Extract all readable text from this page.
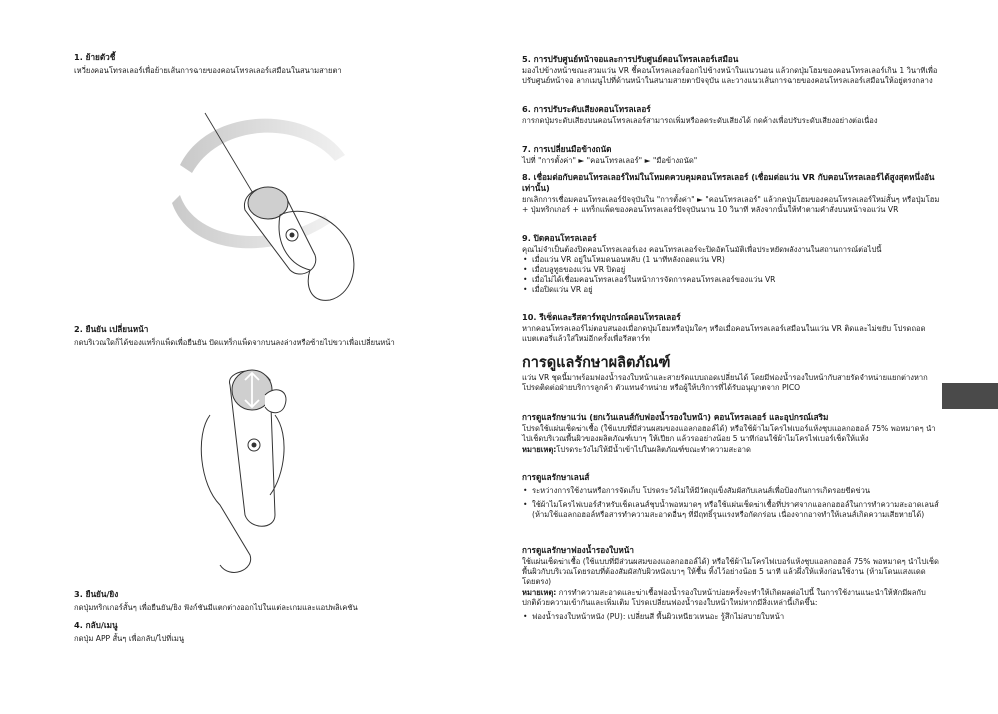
1. ย้ายตัวชี้

เหวี่ยงคอนโทรลเลอร์เพื่อย้ายเส้นการฉายของคอนโทรลเลอร์เสมือนในสนามสายตา

2. ยืนยัน เปลี่ยนหน้า

กดบริเวณใดก็ได้ของแทร็กแพ็ดเพื่อยืนยัน ปัดแทร็กแพ็ดจากบนลงล่างหรือซ้ายไปขวาเพื่อเปลี่ยนหน้า

3. ยืนยัน/ยิง

กดปุ่มทริกเกอร์สั้นๆ เพื่อยืนยัน/ยิง ฟังก์ชันมีแตกต่างออกไปในแต่ละเกมและแอปพลิเคชัน

4. กลับ/เมนู

กดปุ่ม APP สั้นๆ เพื่อกลับ/ไปที่เมนู

5. การปรับศูนย์หน้าจอและการปรับศูนย์คอนโทรลเลอร์เสมือน

มองไปข้างหน้าขณะสวมแว่น VR ชี้คอนโทรลเลอร์ออกไปข้างหน้าในแนวนอน แล้วกดปุ่มโฮมของคอนโทรลเลอร์เกิน 1 วินาทีเพื่อปรับศูนย์หน้าจอ ลากเมนูไปที่ด้านหน้าในสนามสายตาปัจจุบัน และวางแนวเส้นการฉายของคอนโทรลเลอร์เสมือนให้อยู่ตรงกลาง

6. การปรับระดับเสียงคอนโทรลเลอร์

การกดปุ่มระดับเสียงบนคอนโทรลเลอร์สามารถเพิ่มหรือลดระดับเสียงได้ กดค้างเพื่อปรับระดับเสียงอย่างต่อเนื่อง

7. การเปลี่ยนมือข้างถนัด

ไปที่ "การตั้งค่า" ► "คอนโทรลเลอร์" ► "มือข้างถนัด"

8. เชื่อมต่อกับคอนโทรลเลอร์ใหม่ในโหมดควบคุมคอนโทรลเลอร์ (เชื่อมต่อแว่น VR กับคอนโทรลเลอร์ได้สูงสุดหนึ่งอันเท่านั้น)

ยกเลิกการเชื่อมคอนโทรลเลอร์ปัจจุบันใน "การตั้งค่า" ► "คอนโทรลเลอร์" แล้วกดปุ่มโฮมของคอนโทรลเลอร์ใหม่สั้นๆ หรือปุ่มโฮม + ปุ่มทริกเกอร์ + แทร็กแพ็ดของคอนโทรลเลอร์ปัจจุบันนาน 10 วินาที หลังจากนั้นให้ทำตามคำสั่งบนหน้าจอแว่น VR

9. ปิดคอนโทรลเลอร์

คุณไม่จำเป็นต้องปิดคอนโทรลเลอร์เอง คอนโทรลเลอร์จะปิดอัตโนมัติเพื่อประหยัดพลังงานในสถานการณ์ต่อไปนี้

• เมื่อแว่น VR อยู่ในโหมดนอนหลับ (1 นาทีหลังถอดแว่น VR)
• เมื่อบลูทูธของแว่น VR ปิดอยู่
• เมื่อไม่ได้เชื่อมคอนโทรลเลอร์ในหน้าการจัดการคอนโทรลเลอร์ของแว่น VR
• เมื่อปิดแว่น VR อยู่
10. รีเซ็ตและรีสตาร์ทอุปกรณ์คอนโทรลเลอร์

หากคอนโทรลเลอร์ไม่ตอบสนองเมื่อกดปุ่มโฮมหรือปุ่มใดๆ หรือเมื่อคอนโทรลเลอร์เสมือนในแว่น VR ติดและไม่ขยับ โปรดถอดแบตเตอรี่แล้วใส่ใหม่อีกครั้งเพื่อรีสตาร์ท

การดูแลรักษาผลิตภัณฑ์

แว่น VR ชุดนี้มาพร้อมฟองน้ำรองใบหน้าและสายรัดแบบถอดเปลี่ยนได้ โดยมีฟองน้ำรองใบหน้ากับสายรัดจำหน่ายแยกต่างหาก โปรดติดต่อฝ่ายบริการลูกค้า ตัวแทนจำหน่าย หรือผู้ให้บริการที่ได้รับอนุญาตจาก PICO

การดูแลรักษาแว่น (ยกเว้นเลนส์กับฟองน้ำรองใบหน้า) คอนโทรลเลอร์ และอุปกรณ์เสริม

โปรดใช้แผ่นเช็ดฆ่าเชื้อ (ใช้แบบที่มีส่วนผสมของแอลกอฮอล์ได้) หรือใช้ผ้าไมโครไฟเบอร์แห้งชุบแอลกอฮอล์ 75% พอหมาดๆ นำไปเช็ดบริเวณพื้นผิวของผลิตภัณฑ์เบาๆ ให้เปียก แล้วรออย่างน้อย 5 นาทีก่อนใช้ผ้าไมโครไฟเบอร์เช็ดให้แห้ง

หมายเหตุ:โปรดระวังไม่ให้มีน้ำเข้าไปในผลิตภัณฑ์ขณะทำความสะอาด

การดูแลรักษาเลนส์
• ระหว่างการใช้งานหรือการจัดเก็บ โปรดระวังไม่ให้มีวัตถุแข็งสัมผัสกับเลนส์เพื่อป้องกันการเกิดรอยขีดข่วน
• ใช้ผ้าไมโครไฟเบอร์สำหรับเช็ดเลนส์ชุบน้ำพอหมาดๆ หรือใช้แผ่นเช็ดฆ่าเชื้อที่ปราศจากแอลกอฮอล์ในการทำความสะอาดเลนส์ (ห้ามใช้แอลกอฮอล์หรือสารทำความสะอาดอื่นๆ ที่มีฤทธิ์รุนแรงหรือกัดกร่อน เนื่องจากอาจทำให้เลนส์เกิดความเสียหายได้)
การดูแลรักษาฟองน้ำรองใบหน้า

ใช้แผ่นเช็ดฆ่าเชื้อ (ใช้แบบที่มีส่วนผสมของแอลกอฮอล์ได้) หรือใช้ผ้าไมโครไฟเบอร์แห้งชุบแอลกอฮอล์ 75% พอหมาดๆ นำไปเช็ดพื้นผิวกับบริเวณโดยรอบที่ต้องสัมผัสกับผิวหนังเบาๆ ให้ชื้น ทิ้งไว้อย่างน้อย 5 นาที แล้วผึ่งให้แห้งก่อนใช้งาน (ห้ามโดนแสงแดดโดยตรง)

หมายเหตุ: การทำความสะอาดและฆ่าเชื้อฟองน้ำรองใบหน้าบ่อยครั้งจะทำให้เกิดผลต่อไปนี้ ในการใช้งานแนะนำให้หักมีผลกับปกติด้วยความเข้ากันและเพิ่มเติม โปรดเปลี่ยนฟองน้ำรองใบหน้าใหม่หากมีสิ่งเหล่านี้เกิดขึ้น:

• ฟองน้ำรองใบหน้าหนัง (PU): เปลี่ยนสี พื้นผิวเหนียวเหนอะ รู้สึกไม่สบายใบหน้า
